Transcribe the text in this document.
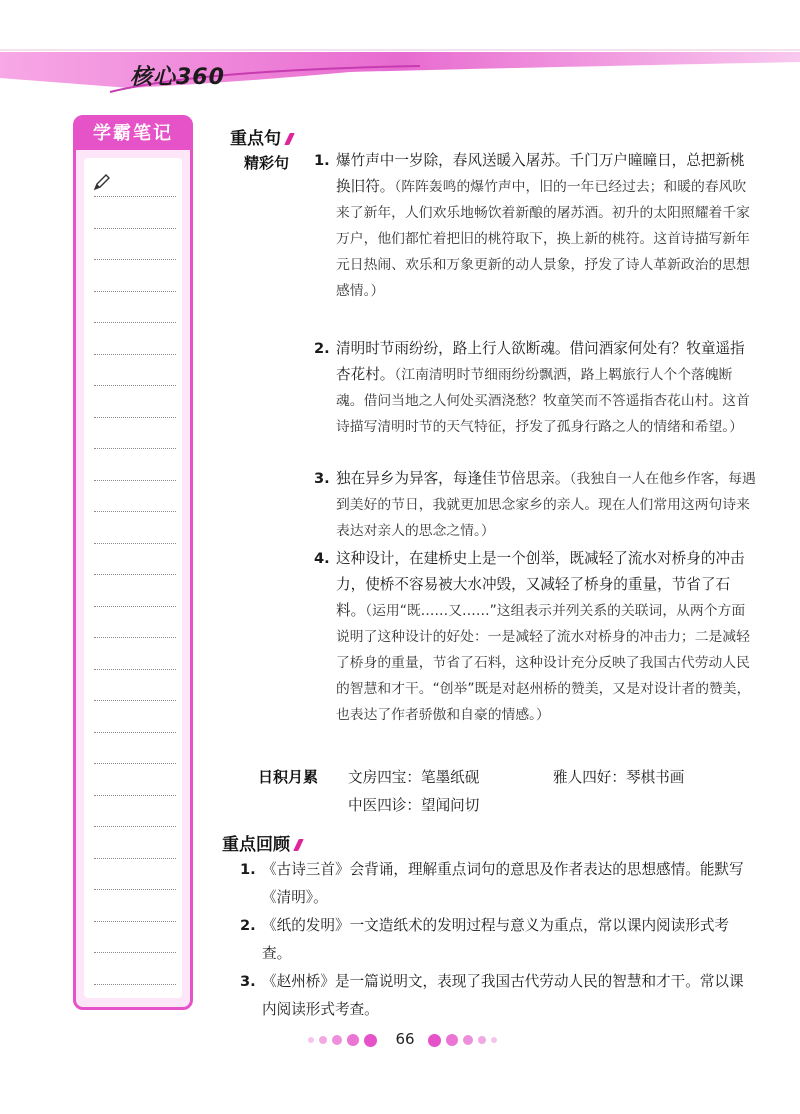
核心360
学霸笔记	重点句
精彩句 1. 爆竹声中一岁除，春风送暖入屠苏。千门万户曈曈日，总把新桃换旧符。（阵阵轰鸣的爆竹声中，旧的一年已经过去；和暖的春风吹来了新年，人们欢乐地畅饮着新酿的屠苏酒。初升的太阳照耀着千家万户，他们都忙着把旧的桃符取下，换上新的桃符。这首诗描写新年元日热闹、欢乐和万象更新的动人景象，抒发了诗人革新政治的思想感情。）
2. 清明时节雨纷纷，路上行人欲断魂。借问酒家何处有？牧童遥指杏花村。（江南清明时节细雨纷纷飘洒，路上羁旅行人个个落魄断魂。借问当地之人何处买酒浇愁？牧童笑而不答遥指杏花山村。这首诗描写清明时节的天气特征，抒发了孤身行路之人的情绪和希望。）
3. 独在异乡为异客，每逢佳节倍思亲。（我独自一人在他乡作客，每遇到美好的节日，我就更加思念家乡的亲人。现在人们常用这两句诗来表达对亲人的思念之情。）
4. 这种设计，在建桥史上是一个创举，既减轻了流水对桥身的冲击力，使桥不容易被大水冲毁，又减轻了桥身的重量，节省了石料。（运用“既……又……”这组表示并列关系的关联词，从两个方面说明了这种设计的好处：一是减轻了流水对桥身的冲击力；二是减轻了桥身的重量，节省了石料，这种设计充分反映了我国古代劳动人民的智慧和才干。“创举”既是对赵州桥的赞美，又是对设计者的赞美，也表达了作者骄傲和自豪的情感。）
日积月累 文房四宝：笔墨纸砚	雅人四好：琴棋书画
中医四诊：望闻问切
重点回顾
1. 《古诗三首》会背诵，理解重点词句的意思及作者表达的思想感情。能默写《清明》。
2. 《纸的发明》一文造纸术的发明过程与意义为重点，常以课内阅读形式考查。
3. 《赵州桥》是一篇说明文，表现了我国古代劳动人民的智慧和才干。常以课内阅读形式考查。
66
